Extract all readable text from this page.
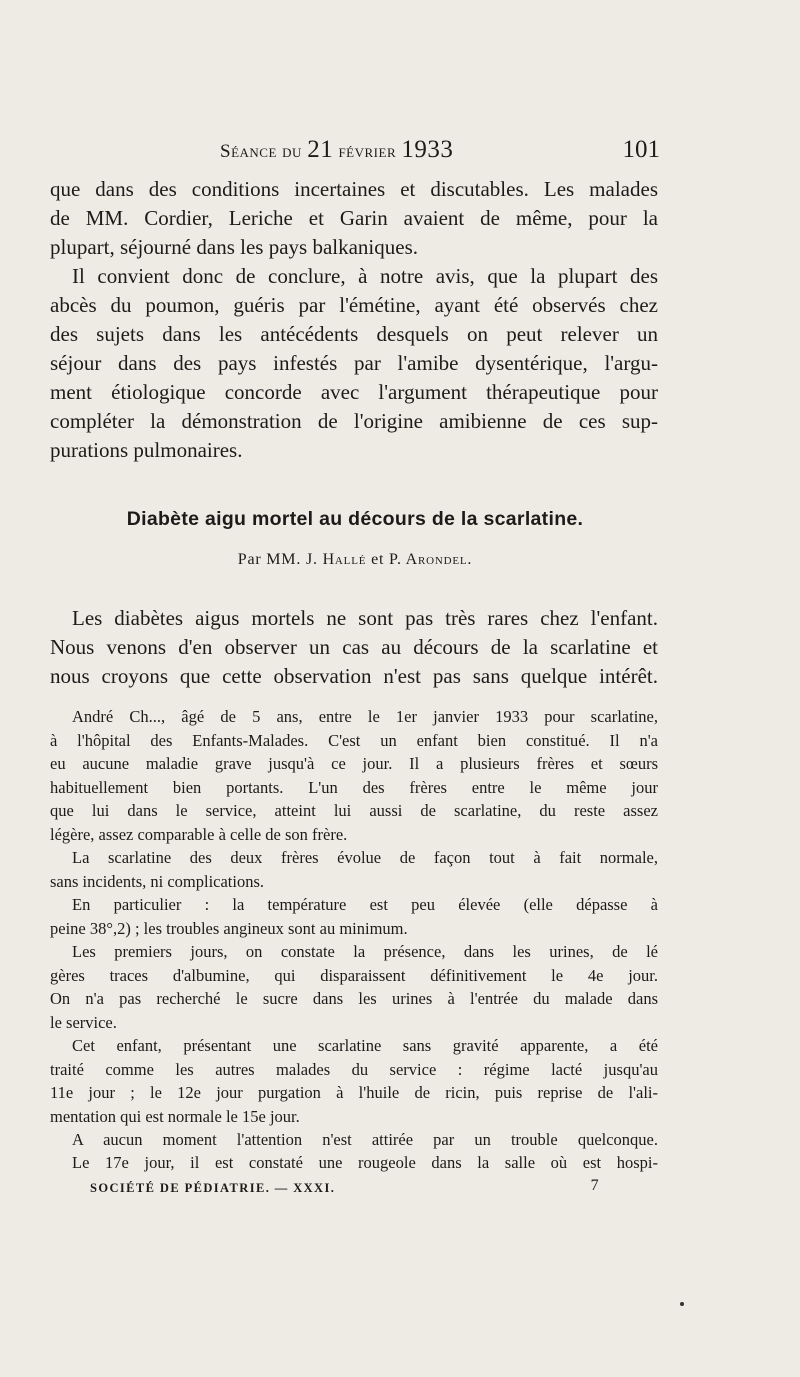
Séance du 21 février 1933	101
que dans des conditions incertaines et discutables. Les malades
de MM. Cordier, Leriche et Garin avaient de même, pour la
plupart, séjourné dans les pays balkaniques.
Il convient donc de conclure, à notre avis, que la plupart des
abcès du poumon, guéris par l'émétine, ayant été observés chez
des sujets dans les antécédents desquels on peut relever un
séjour dans des pays infestés par l'amibe dysentérique, l'argu-
ment étiologique concorde avec l'argument thérapeutique pour
compléter la démonstration de l'origine amibienne de ces sup-
purations pulmonaires.
Diabète aigu mortel au décours de la scarlatine.
Par MM. J. Hallé et P. Arondel.
Les diabètes aigus mortels ne sont pas très rares chez l'enfant.
Nous venons d'en observer un cas au décours de la scarlatine et
nous croyons que cette observation n'est pas sans quelque intérêt.
André Ch..., âgé de 5 ans, entre le 1er janvier 1933 pour scarlatine,
à l'hôpital des Enfants-Malades. C'est un enfant bien constitué. Il n'a
eu aucune maladie grave jusqu'à ce jour. Il a plusieurs frères et sœurs
habituellement bien portants. L'un des frères entre le même jour
que lui dans le service, atteint lui aussi de scarlatine, du reste assez
légère, assez comparable à celle de son frère.
La scarlatine des deux frères évolue de façon tout à fait normale,
sans incidents, ni complications.
En particulier : la température est peu élevée (elle dépasse à
peine 38°,2) ; les troubles angineux sont au minimum.
Les premiers jours, on constate la présence, dans les urines, de lé
gères traces d'albumine, qui disparaissent définitivement le 4e jour.
On n'a pas recherché le sucre dans les urines à l'entrée du malade dans
le service.
Cet enfant, présentant une scarlatine sans gravité apparente, a été
traité comme les autres malades du service : régime lacté jusqu'au
11e jour ; le 12e jour purgation à l'huile de ricin, puis reprise de l'ali-
mentation qui est normale le 15e jour.
A aucun moment l'attention n'est attirée par un trouble quelconque.
Le 17e jour, il est constaté une rougeole dans la salle où est hospi-
SOCIÉTÉ DE PÉDIATRIE. — XXXI.	7
